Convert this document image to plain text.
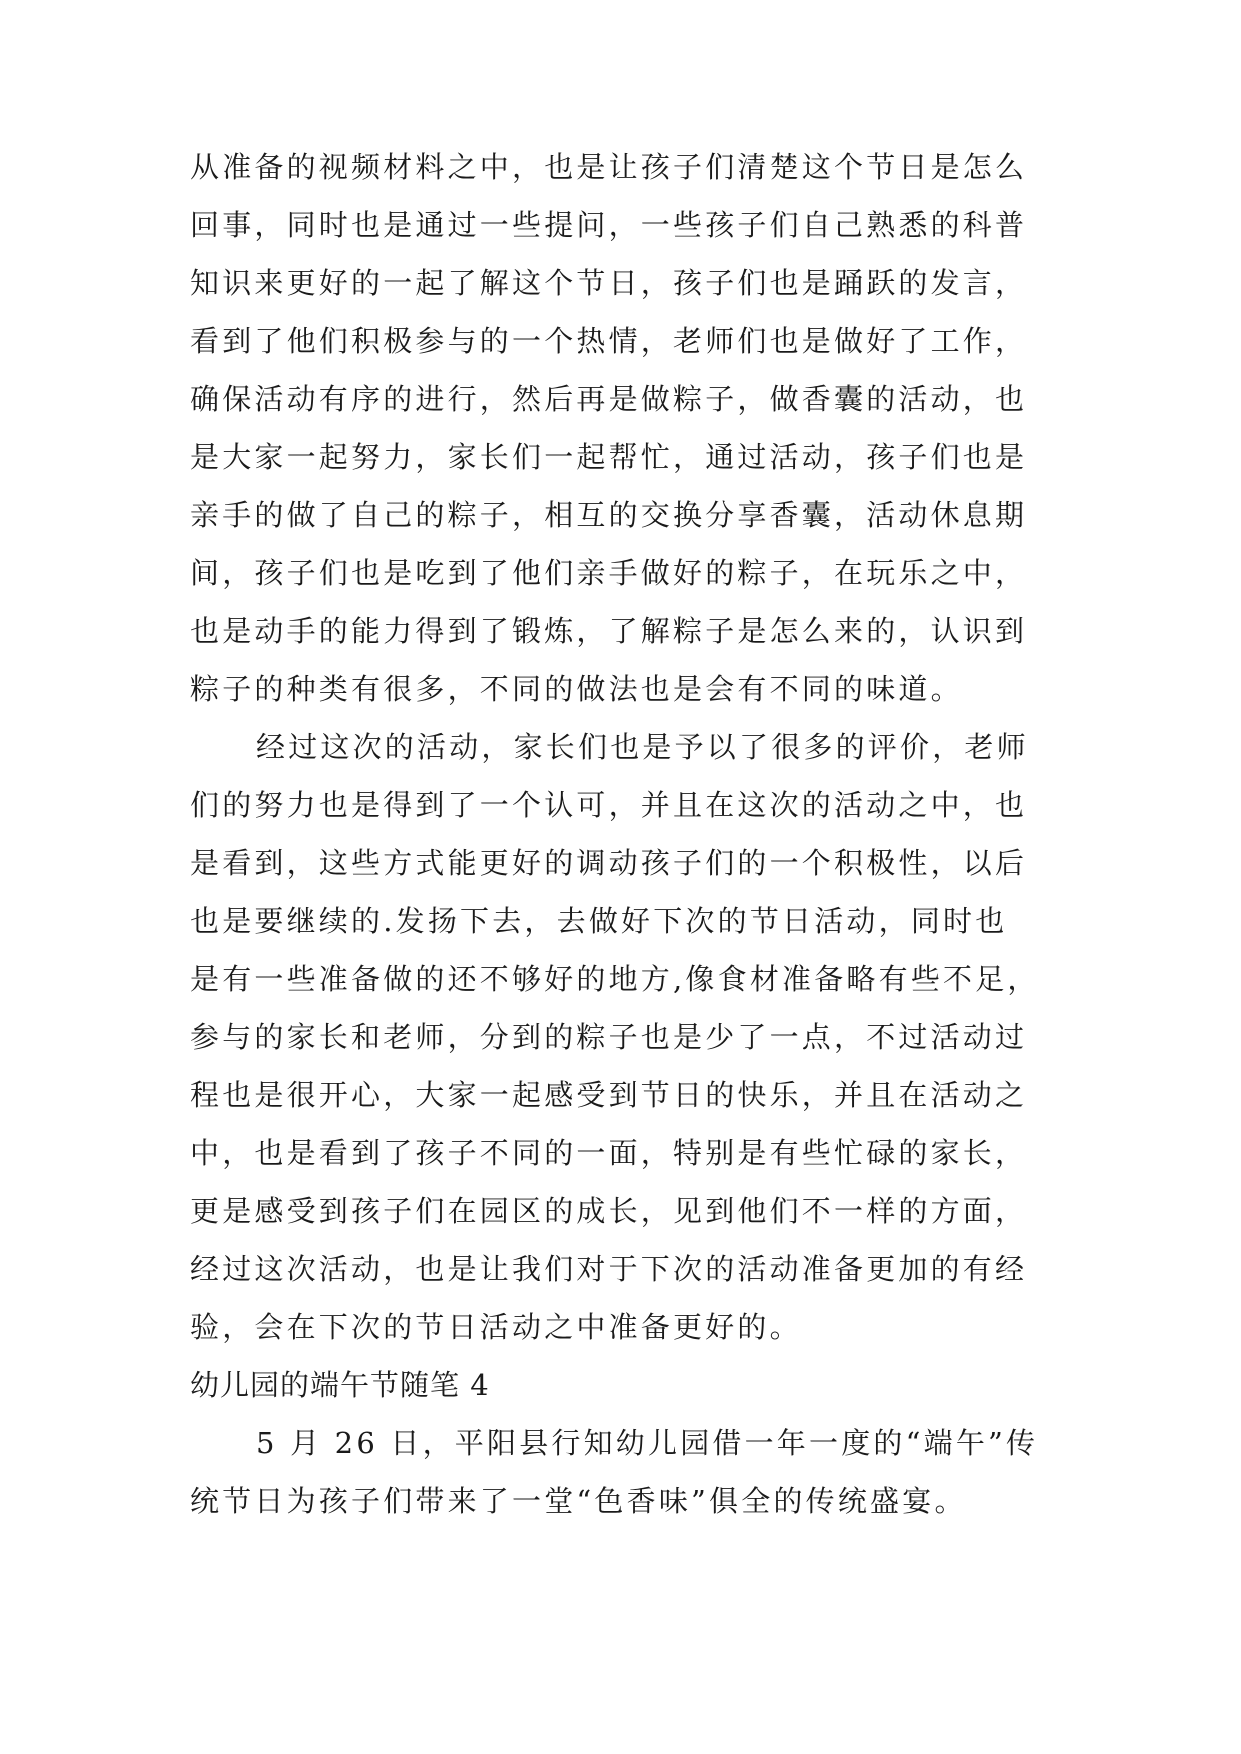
从准备的视频材料之中，也是让孩子们清楚这个节日是怎么
回事，同时也是通过一些提问，一些孩子们自己熟悉的科普
知识来更好的一起了解这个节日，孩子们也是踊跃的发言，
看到了他们积极参与的一个热情，老师们也是做好了工作，
确保活动有序的进行，然后再是做粽子，做香囊的活动，也
是大家一起努力，家长们一起帮忙，通过活动，孩子们也是
亲手的做了自己的粽子，相互的交换分享香囊，活动休息期
间，孩子们也是吃到了他们亲手做好的粽子，在玩乐之中，
也是动手的能力得到了锻炼，了解粽子是怎么来的，认识到
粽子的种类有很多，不同的做法也是会有不同的味道。
经过这次的活动，家长们也是予以了很多的评价，老师
们的努力也是得到了一个认可，并且在这次的活动之中，也
是看到，这些方式能更好的调动孩子们的一个积极性，以后
也是要继续的.发扬下去，去做好下次的节日活动，同时也
是有一些准备做的还不够好的地方,像食材准备略有些不足，
参与的家长和老师，分到的粽子也是少了一点，不过活动过
程也是很开心，大家一起感受到节日的快乐，并且在活动之
中，也是看到了孩子不同的一面，特别是有些忙碌的家长，
更是感受到孩子们在园区的成长，见到他们不一样的方面，
经过这次活动，也是让我们对于下次的活动准备更加的有经
验，会在下次的节日活动之中准备更好的。
幼儿园的端午节随笔 4
5 月 26 日，平阳县行知幼儿园借一年一度的“端午”传
统节日为孩子们带来了一堂“色香味”俱全的传统盛宴。
